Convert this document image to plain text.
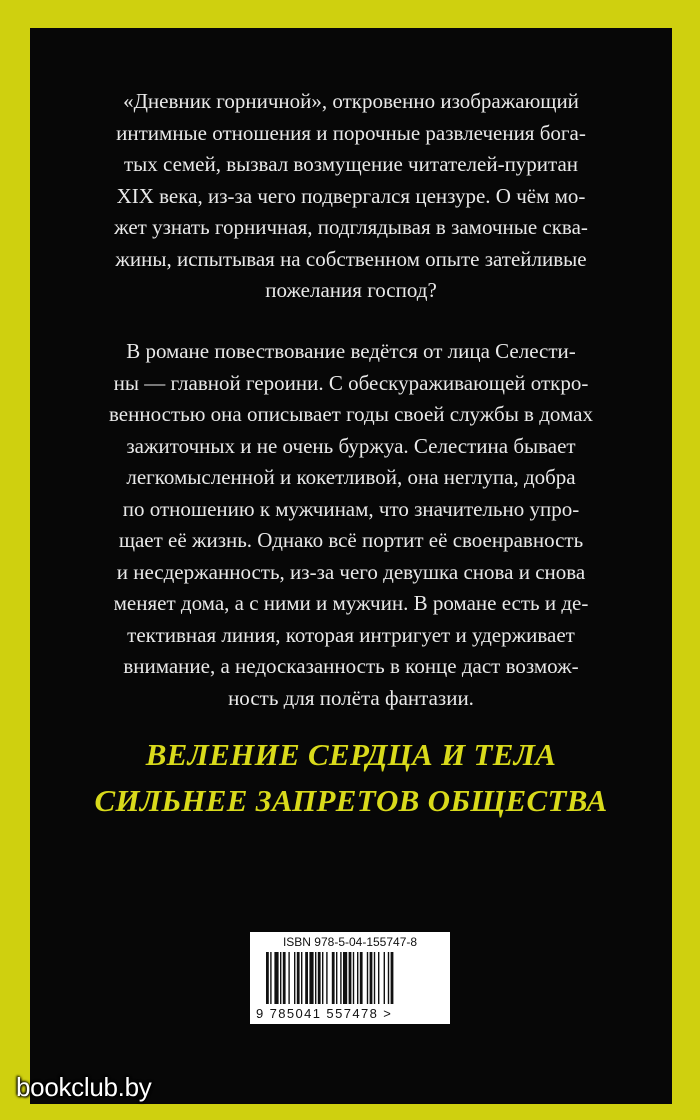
«Дневник горничной», откровенно изображающий
интимные отношения и порочные развлечения бога-
тых семей, вызвал возмущение читателей-пуритан
XIX века, из-за чего подвергался цензуре. О чём мо-
жет узнать горничная, подглядывая в замочные сква-
жины, испытывая на собственном опыте затейливые
пожелания господ?

В романе повествование ведётся от лица Селести-
ны — главной героини. С обескураживающей откро-
венностью она описывает годы своей службы в домах
зажиточных и не очень буржуа. Селестина бывает
легкомысленной и кокетливой, она неглупа, добра
по отношению к мужчинам, что значительно упро-
щает её жизнь. Однако всё портит её своенравность
и несдержанность, из-за чего девушка снова и снова
меняет дома, а с ними и мужчин. В романе есть и де-
тективная линия, которая интригует и удерживает
внимание, а недосказанность в конце даст возмож-
ность для полёта фантазии.

ВЕЛЕНИЕ СЕРДЦА И ТЕЛА
СИЛЬНЕЕ ЗАПРЕТОВ ОБЩЕСТВА
ISBN 978-5-04-155747-8
9 785041 557478 >
bookclub.by
